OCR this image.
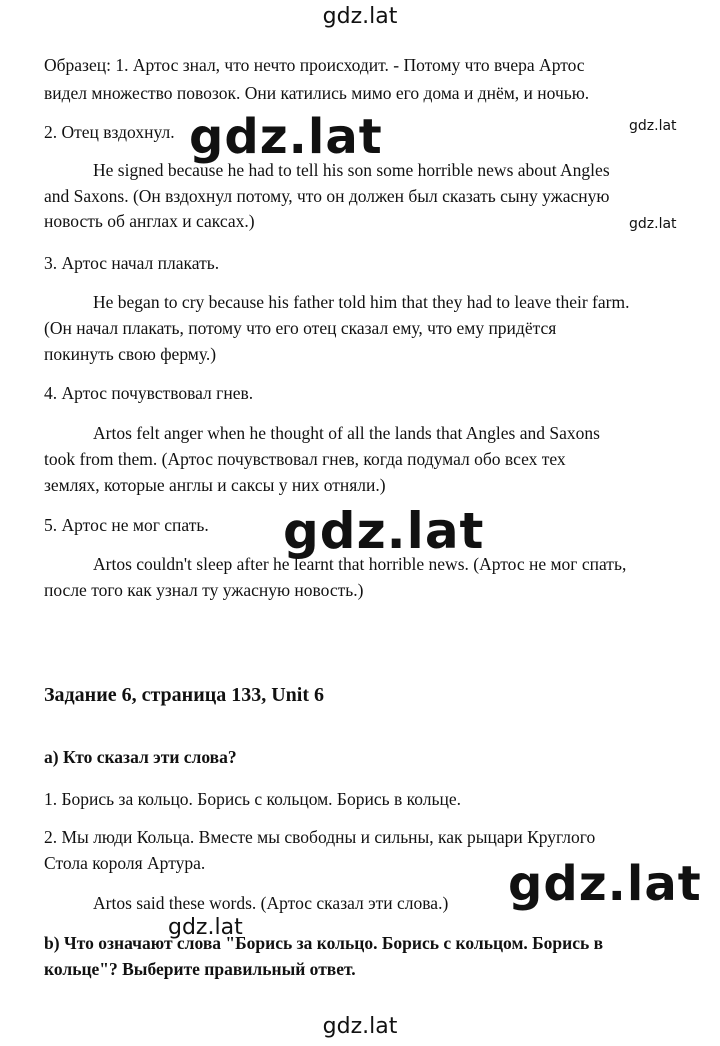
gdz.lat
Образец: 1. Артос знал, что нечто происходит. - Потому что вчера Артос
видел множество повозок. Они катились мимо его дома и днём, и ночью.
2. Отец вздохнул.
He signed because he had to tell his son some horrible news about Angles
and Saxons. (Он вздохнул потому, что он должен был сказать сыну ужасную
новость об англах и саксах.)
3. Артос начал плакать.
He began to cry because his father told him that they had to leave their farm.
(Он начал плакать, потому что его отец сказал ему, что ему придётся
покинуть свою ферму.)
4. Артос почувствовал гнев.
Artos felt anger when he thought of all the lands that Angles and Saxons
took from them. (Артос почувствовал гнев, когда подумал обо всех тех
землях, которые англы и саксы у них отняли.)
5. Артос не мог спать.
Artos couldn't sleep after he learnt that horrible news. (Артос не мог спать,
после того как узнал ту ужасную новость.)
Задание 6, страница 133, Unit 6
а) Кто сказал эти слова?
1. Борись за кольцо. Борись с кольцом. Борись в кольце.
2. Мы люди Кольца. Вместе мы свободны и сильны, как рыцари Круглого
Стола короля Артура.
Artos said these words. (Артос сказал эти слова.)
b) Что означают слова "Борись за кольцо. Борись с кольцом. Борись в
кольце"? Выберите правильный ответ.
gdz.lat	gdz.lat
gdz.lat
gdz.lat
gdz.lat
gdz.lat
gdz.lat
